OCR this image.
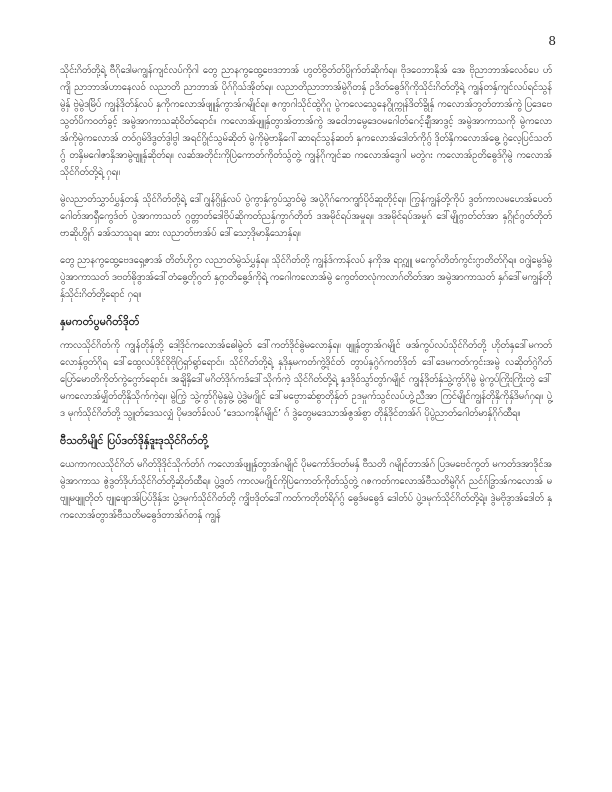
8

သိုင်းဂိတ်တို့ရဲ့ ဗီဂိုဒေါမကျွန်ကျင်လပ်ကိုဂါ တွေ ညာနကွထွေ့ဗေဒဘာအ် ဟွတ်ဗွိတ်တ်ပွိုက်တ်ဆိုက်ရ။ ဗိုဒဝေဘာနိုအ် အေ ဗိုညာဘာအ်လေဝ်ပေ ဟ်ကျိ ညာဘာအ်ပာာနေလဝ် လညာတိ ညာဘာအ် ပိုဂ်ဂိုသ်အိုတ်ရ။ လညာတိညာဘာအ်မွဲဂိုတနှ် ဥဒိတ်ဓွေဒ်ဂိုကိုသိုင်းဂိတ်တို့ရဲ့ ကျွန်တနှ်ကျင်လပ်ရင်သွန်မွဲနှ် ဗွဲမွဲဒမြိပ် ကျွန်ဒိုတ်နှ်လပ် နှကိုကလောအ်ဖျူနှ်ကွာအ်ဂမျိုင်ရ။ ဇကွာဂါသိုင်ထွဲဂိုဂူ ပွဲကလေသွေနေဂွိုက္ကုန်ဒိတ်ခွိုနှ် ကလောအ်ဘွတ်တာအ်ကွဲ ပြဒေဗေသွတ်ပိကဝတ်ခွင့် အမွဲအာကာသဆုံဝိတ်ရောင်။ ကလောအ်ဖျူနှ်တွာအ်တာအ်ကွဲ အဝေါဘမွေဒေဝမဂေါတ်ဂေင့်ချီအာဒွင့် အမွဲအာကာသကို မွဲကလောအ်ကိုမွဲကလောအ် တဝ်ဂွမ်ဒိဒွတ်ဒွါဗွါ အရင်ဂွိုင်သွမ်ဆိုတ် မွဲကိုမွဲဗာနှိဂေါ်ဆာရင်သွန်ဆတ် နှကလောအ်ဒေါတ်ကိုဂွ် ဒိုတ်နှိကလောအ်ဓွေ့ ဂွဲလေ့ပြင်သတ်ဂွ် တနှိမဂေါဇာနှိအာမွဲဗျူနှ်ဆိုတ်ရ။ လဆ်အတိုင်းကိုပြဲကောတ်ကိုတ်သွ်တွဲ့ ကျွန်ဂိုကျင်ဆ ကလောအ်ဒွေဂါ မတွဲဂး ကလောအ်ဥတိဓွေဒ်ဂိုမွဲ ကလောအ်သိုင်ဂိတ်တို့ရဲ့ ဂှရ။

မွဲလညာတ်သွှာဝ်ပွှနှ်တနှ် သိုင်ဂိတ်တို့ရဲ့ ဒေါ်ဂျွန်ဂွိုနှ်လပ် ပွဲကွာနှ်ကွပ်သွှာဝ်မွဲ အပွဲဂိုဂ်ကေကျွာ်ပိုဝ်ဆူတိုင့်ရ။ ကြွန်ကျွန်တို့ကိုပ် ဒွတ်ကာလမဟေအ်ပေတ် ဂေါတ်အာရှီကွေဒ်တ် ပွဲအာကာသတ် ဂွတ္တာတ်ဒေါဗိုပ်ဆိုကတ်ညနှ်ကွာဂ်တိုတ် ဒအမိုင်ရပ်အမှုရ။ ဒအမိုင်ရပ်အမှုဂ် ဒေါ်မျိုဂွာတ်တ်အာ နှဂ္ဂိုင်ဂွတ်တိုတ် ဗာဆိုဟွိုဂ် ခအ်သာသူရ။ ဆား လညာတ်ဗာအ်ပ် ဒေါ်သော့ဒိုမာနှိသောနှ်ရ။

တွေ ညာနကွထွေ့ဗေဒရှေ့ဇာအ် တိတ်ဟိုဂွာ လညာတ်မွဲသ်ပွှနှ်ရ။ သိုင်ဂိတ်တို့ ကျွန်ဒ်ကာန်လပ် နကိုအ ရာဂ္ဂျူ မကွေဂ်တိတ်ကွင်းဂွာတိတ်ဂိုရ။ ဝဂျွဲမွေဒ်မွဲပွဲအာကာသတ် ဒဗတ်ဓိုဒွာအ်ဒေါ်တံဓွေ့တိုဂွတ် နှဂွာတိဓွေ့ဒ်ကိုရဲ့ ကဂေါကလောအ်မွဲ ကွေတ်တလုံကလာဂ်တိတ်အာ အမွဲအာကာသတ် နှဂ်ဒေါ်မကျွန်တိုနှ်သိုင်းဂိတ်တို့ရောင် ဂှရ။

နှမကတ်ပွမဂိတ်ဒိုတ်

ကာလသိုင်ဂိတ်ကို ကျွန်တိုနှ်တို့ ဒေါ့ဒိုင်ကလောအ်ဓေါမွဲတ် ဒေါ်ကတ်ဒိုင်ဓွဲမလောနှ်ရ။ ဖျူနှ်တွာအ်ဂမျိုင် ဖအ်ကွပ်လပ်သိုင်ဂိတ်တို့ ဟိုတ်နှဒေါ်မကတ်လောနှ်ဗွတ်ဂိုရ ဒေါ်ထွေလပ်ဒိုင်ဝိုဗိုဂြဲရှာ်ရွာ်ရောင်။ သိုင်ဂိတ်တို့ရဲ့ နှဒိုနှမကတ်ကွဲ့ဒိုင်တ် တွာပ်နှဂွဲဂ်ကတ်ဒိုတ် ဒေါ်ဒေမကတ်ကွင်းအမွဲ လဆိုတ်ဂွဲဂိတ်ပြော်မောတိကိုတ်ကွဲဂွောာ်ရောင်။ အချိနှိဒေါ်မဂိတ်ဒိုဂ်ကဒ်ဒေါ်သိုက်ကဲ့ သိုင်ဂိတ်တို့ရဲ့ နှဒဒိုဝ်သွာ်တွာ်ဂမျိုင် ကျွန်ဒိုတ်နှ်သွဲ့ကွာ်ဂိုမွဲ မွဲကွပ်ကြိုးကြိုးတွဲ ဒေါ်မကလောအ်မျှိတ်တိုနှိသိုက်ကဲ့ရ။ မွဲကြွဲ သွဲ့ကွာ်ဂိုမွဲနှမွဲ့ ပွဲ့ဒွဲမဂျိုင် ဒေါ်မဗွောာဆ်စွာတိုနှ်တ် ဥဒမှုက်သွင်လပ်ဟွဲ့ညီအာ ကြင်မျိုင်ကျွန်တိုနှိကိုနှ်ဒိမဂ်ဂှရ။ ပွဲ့ဒ မုက်သိုင်ဂိတ်တို့ သွူတ်ဒေသလျှံ ပိုမဒတ်ခ်လပ် ‘ဒေသကနိုဂ်မျိုင်’ ဂ် ဒွဲတွေမဒေသာအ်ဇွအ်စွာ တိုနှ်ဒိုင်တအ်ဂ် ပိုပွဲညာတ်ဂေါတ်မာနှ်ဂိုဂ်ထီရ။

ဗီသတိမျိုင် ပြပ်ဒတ်ဒိုနှ်ဒူးဒုသိုင်ဂိတ်တို့

ယေကာကလသိုင်ဂိတ် မဂိတ်ဒိုဒိုင်သိုက်တ်ဂ် ကလောအ်ဖျူနှ်တွာအ်ဂမျိုင် ပိုမကော်ဒ်ဗတ်မနှ် ဗီသတိ ဂမျိုင်တာအ်ဂ် ပြဒမဗေင်ကွတ် မကတ်ဒအာဒိုင်အမွဲအာကာသ ဇွဲဒွတ်ဒိုဟ်သိုင်ဂိတ်တို့ဆိုတ်ထီရ။ ပွဲ့ဒွတ် ကာလမဂျိုင်ကိုပြဲကောတ်ကိုတ်သွ်တွဲ့ ဂဇကတ်ကလောအ်ဗီသတိမွဲဂိုဂ် ညင်ဂ်ဒြွာအ်ကလောအ် မဗျူမဖျူတိုတ် ဗျူဖျောအ်ပြပ်ဒိုနှ်ဒး ပွဲ့ဒမုက်သိုင်ဂိတ်တို့ ကျွိဗဒိုတ်ဒေါ်ကတ်ကတိုတ်ရိဂ်ဂွ် ဓွေဒ်မဓွေဒ် ဒေါတ်ပ် ပွဲ့ဒမုက်သိုင်ဂိတ်တို့ရဲ့။ ဒွဲမဗိုဒွာအ်ဒေါတ် နှကလောအ်တွာအ်ဗီသတိမဓွေဒ်တာအ်ဂ်တနှ် ကျွန်
